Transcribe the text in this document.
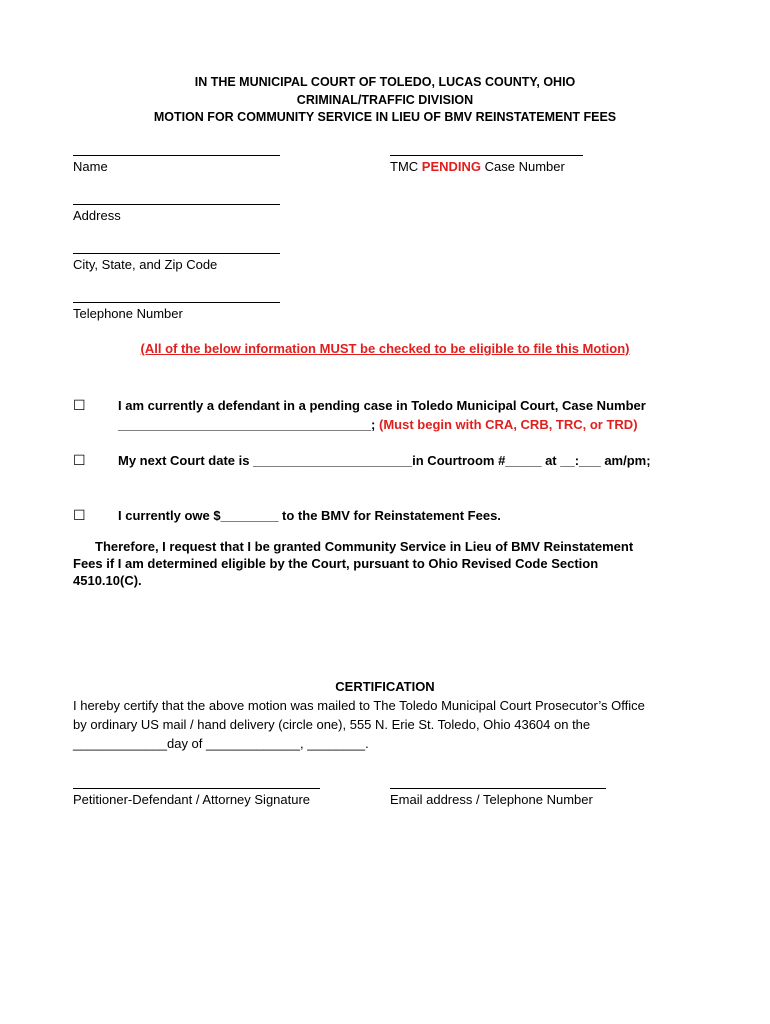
IN THE MUNICIPAL COURT OF TOLEDO, LUCAS COUNTY, OHIO
CRIMINAL/TRAFFIC DIVISION
MOTION FOR COMMUNITY SERVICE IN LIEU OF BMV REINSTATEMENT FEES
Name	TMC PENDING Case Number
Address
City, State, and Zip Code
Telephone Number
(All of the below information MUST be checked to be eligible to file this Motion)
☐ I am currently a defendant in a pending case in Toledo Municipal Court, Case Number
___________________________________; (Must begin with CRA, CRB, TRC, or TRD)
☐ My next Court date is ______________________in Courtroom #_____ at __:___ am/pm;
☐ I currently owe $________ to the BMV for Reinstatement Fees.
Therefore, I request that I be granted Community Service in Lieu of BMV Reinstatement
Fees if I am determined eligible by the Court, pursuant to Ohio Revised Code Section
4510.10(C).
CERTIFICATION
I hereby certify that the above motion was mailed to The Toledo Municipal Court Prosecutor’s Office
by ordinary US mail / hand delivery (circle one), 555 N. Erie St. Toledo, Ohio 43604 on the
_____________day of _____________, ________.
Petitioner-Defendant / Attorney Signature	Email address / Telephone Number
